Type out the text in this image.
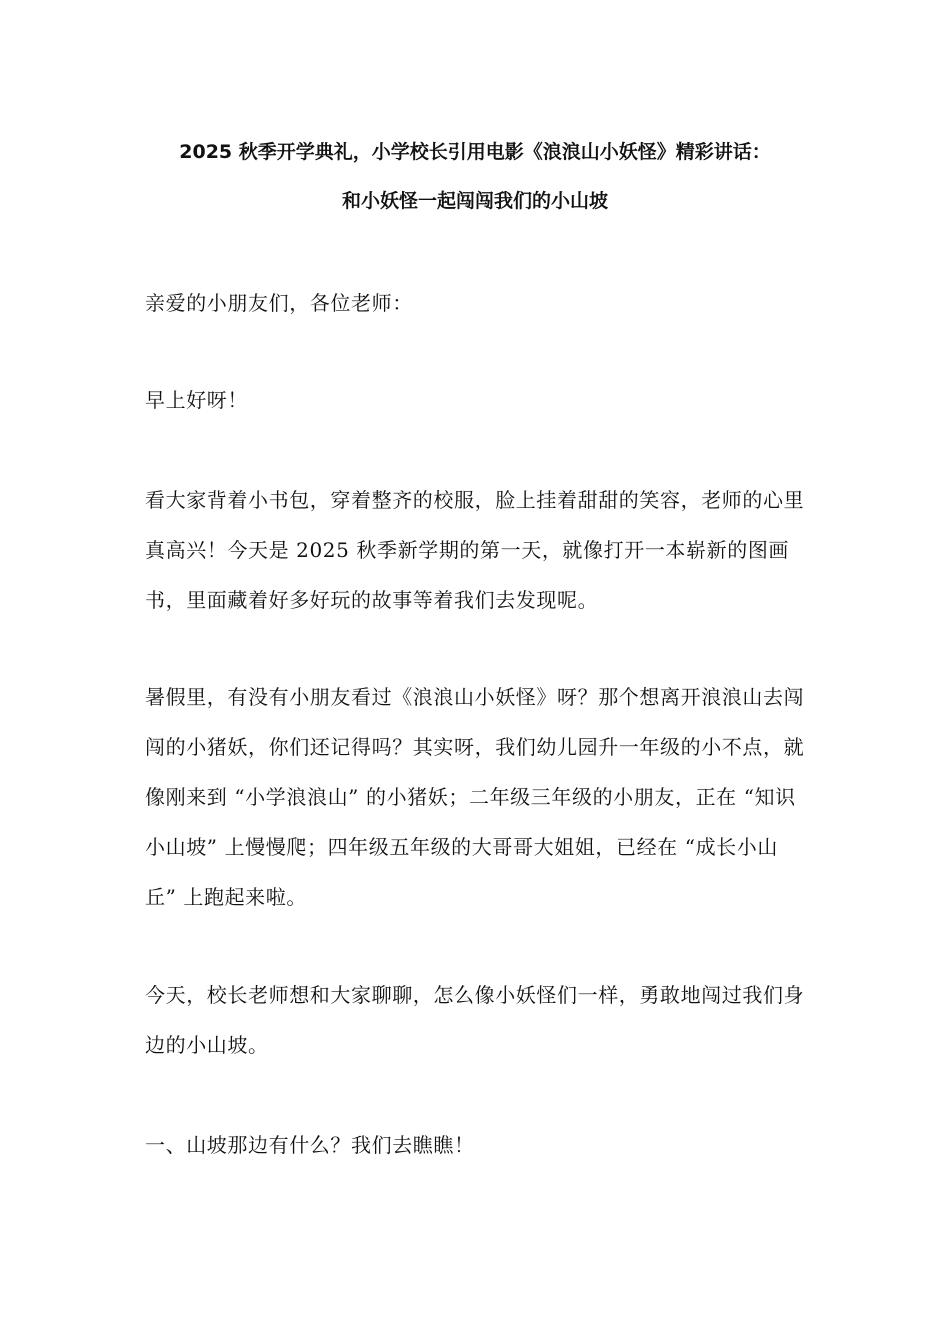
2025 秋季开学典礼，小学校长引用电影《浪浪山小妖怪》精彩讲话：
和小妖怪一起闯闯我们的小山坡

亲爱的小朋友们，各位老师：

早上好呀！

看大家背着小书包，穿着整齐的校服，脸上挂着甜甜的笑容，老师的心里真高兴！今天是 2025 秋季新学期的第一天，就像打开一本崭新的图画书，里面藏着好多好玩的故事等着我们去发现呢。

暑假里，有没有小朋友看过《浪浪山小妖怪》呀？那个想离开浪浪山去闯闯的小猪妖，你们还记得吗？其实呀，我们幼儿园升一年级的小不点，就像刚来到 “小学浪浪山” 的小猪妖；二年级三年级的小朋友，正在 “知识小山坡” 上慢慢爬；四年级五年级的大哥哥大姐姐，已经在 “成长小山丘” 上跑起来啦。

今天，校长老师想和大家聊聊，怎么像小妖怪们一样，勇敢地闯过我们身边的小山坡。

一、山坡那边有什么？我们去瞧瞧！
